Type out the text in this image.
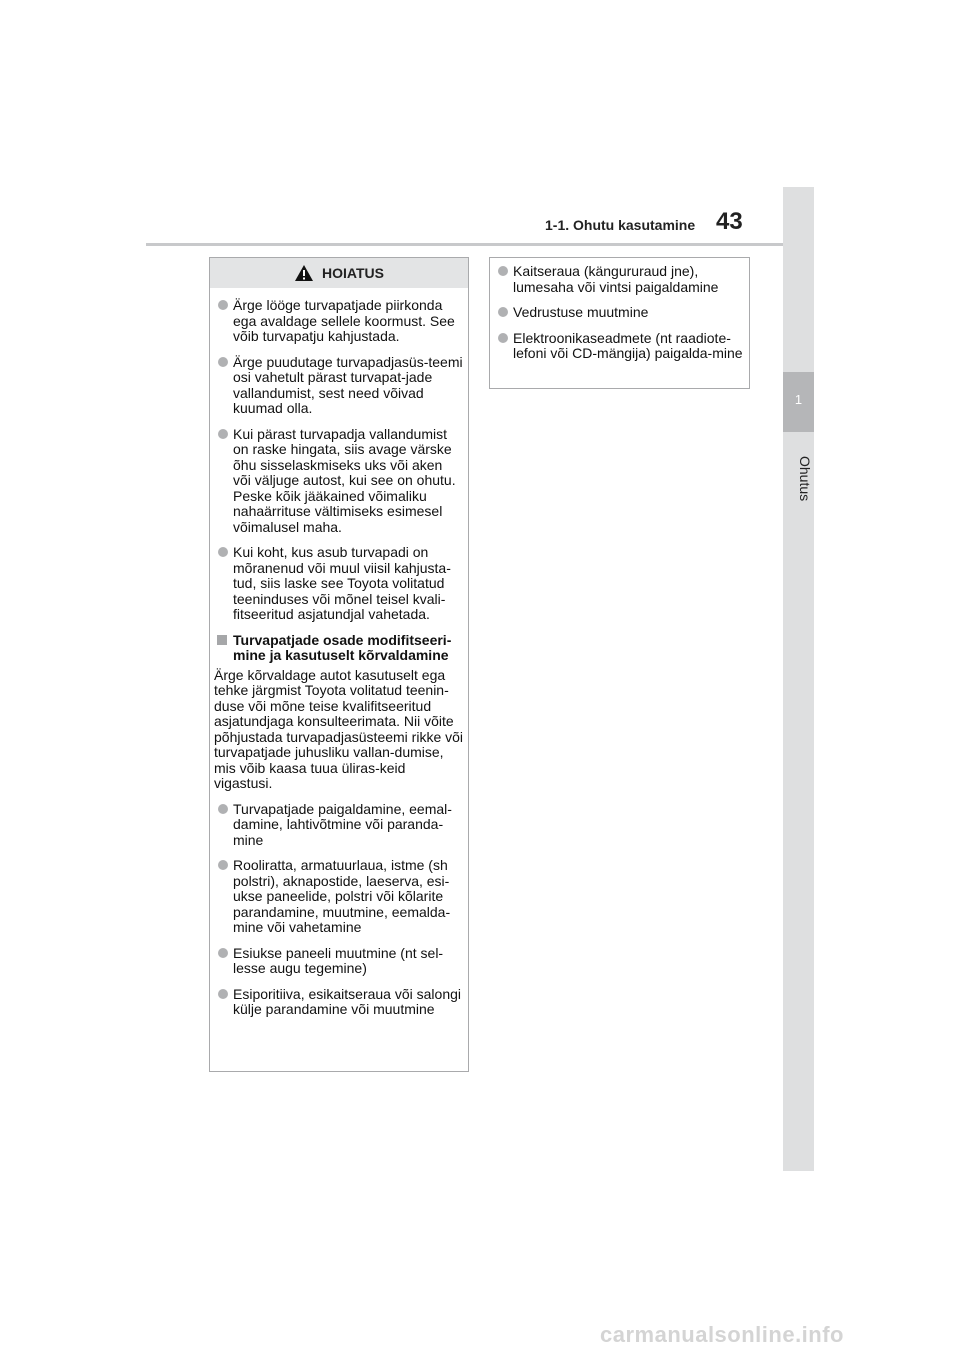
1
Ohutus
1-1. Ohutu kasutamine 43
HOIATUS
Ärge lööge turvapatjade piirkonda ega avaldage sellele koormust. See võib turvapatju kahjustada.
Ärge puudutage turvapadjasüs-teemi osi vahetult pärast turvapat-jade vallandumist, sest need võivad kuumad olla.
Kui pärast turvapadja vallandumist on raske hingata, siis avage värske õhu sisselaskmiseks uks või aken või väljuge autost, kui see on ohutu. Peske kõik jääkained võimaliku nahaärrituse vältimiseks esimesel võimalusel maha.
Kui koht, kus asub turvapadi on mõranenud või muul viisil kahjusta-tud, siis laske see Toyota volitatud teeninduses või mõnel teisel kvali-fitseeritud asjatundjal vahetada.
Turvapatjade osade modifitseeri-mine ja kasutuselt kõrvaldamine
Ärge kõrvaldage autot kasutuselt ega tehke järgmist Toyota volitatud teenin-duse või mõne teise kvalifitseeritud asjatundjaga konsulteerimata. Nii võite põhjustada turvapadjasüsteemi rikke või turvapatjade juhusliku vallan-dumise, mis võib kaasa tuua üliras-keid vigastusi.
Turvapatjade paigaldamine, eemal-damine, lahtivõtmine või paranda-mine
Rooliratta, armatuurlaua, istme (sh polstri), aknapostide, laeserva, esi-ukse paneelide, polstri või kõlarite parandamine, muutmine, eemalda-mine või vahetamine
Esiukse paneeli muutmine (nt sel-lesse augu tegemine)
Esiporitiiva, esikaitseraua või salongi külje parandamine või muutmine
Kaitseraua (kängururaud jne), lumesaha või vintsi paigaldamine
Vedrustuse muutmine
Elektroonikaseadmete (nt raadiote-lefoni või CD-mängija) paigalda-mine
carmanualsonline.info
